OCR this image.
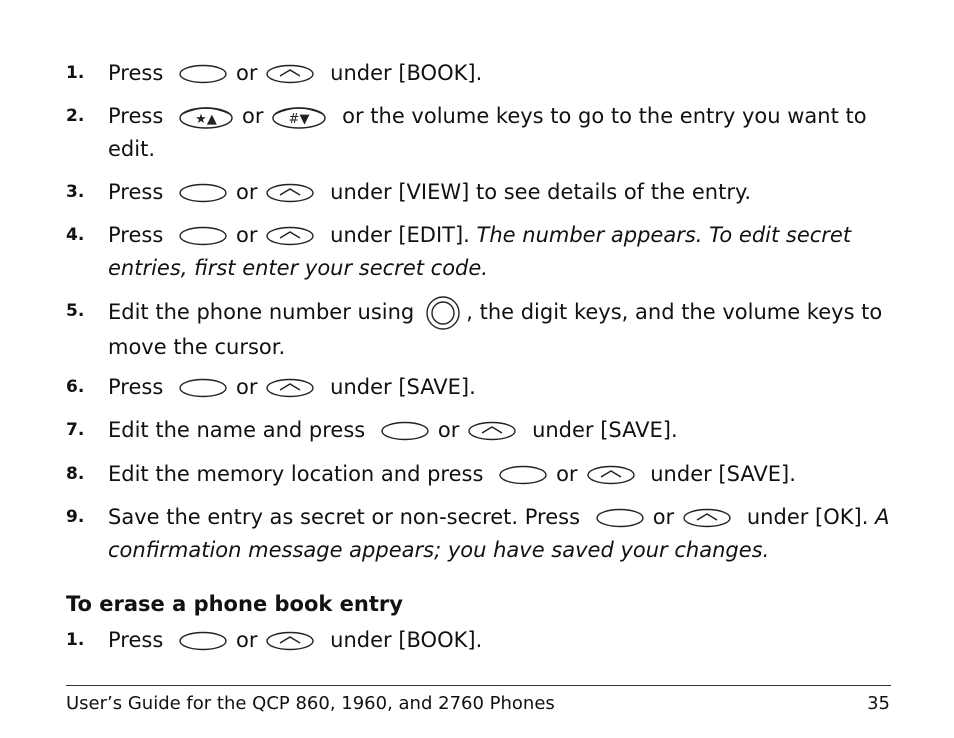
1. Press	or	under [BOOK].
2. Press ★▲ or #▼ or the volume keys to go to the entry you want to edit.
3. Press	or	under [VIEW] to see details of the entry.
4. Press	or	under [EDIT]. The number appears. To edit secret entries, first enter your secret code.
5. Edit the phone number using , the digit keys, and the volume keys to move the cursor.
6. Press	or	under [SAVE].
7. Edit the name and press	or	under [SAVE].
8. Edit the memory location and press	or	under [SAVE].
9. Save the entry as secret or non-secret. Press	or	under [OK]. A confirmation message appears; you have saved your changes.
To erase a phone book entry
1. Press	or	under [BOOK].
User’s Guide for the QCP 860, 1960, and 2760 Phones	35
